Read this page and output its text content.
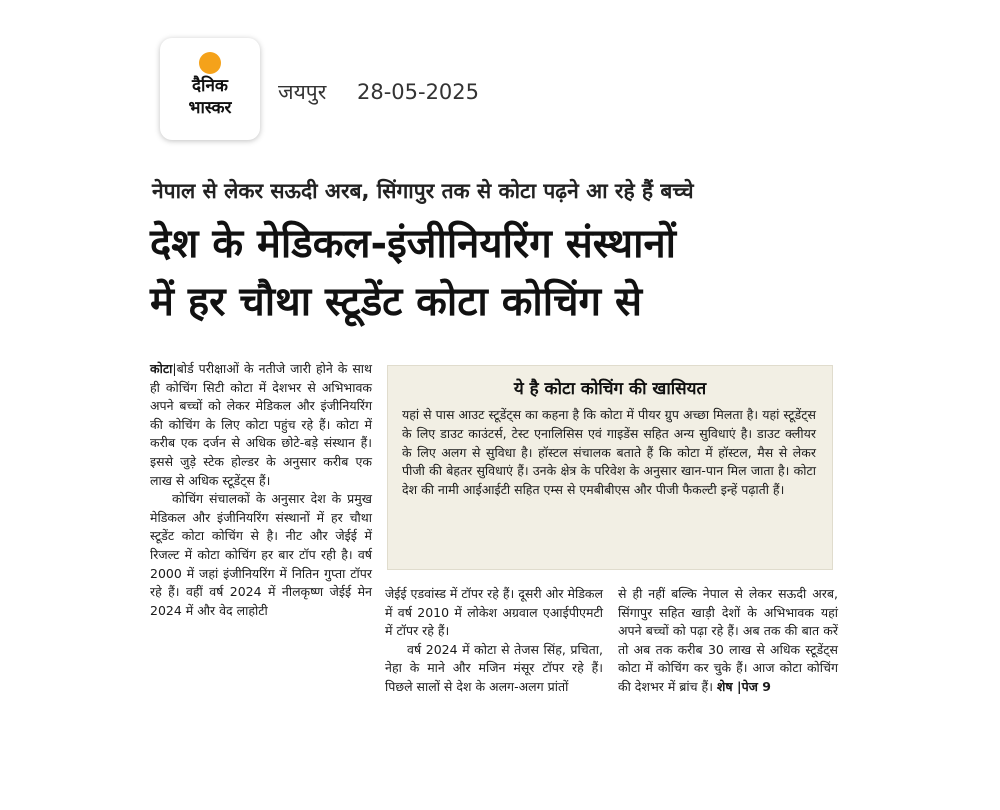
दैनिक
भास्कर
जयपुर 28-05-2025
नेपाल से लेकर सऊदी अरब, सिंगापुर तक से कोटा पढ़ने आ रहे हैं बच्चे
देश के मेडिकल-इंजीनियरिंग संस्थानों
में हर चौथा स्टूडेंट कोटा कोचिंग से

कोटा|बोर्ड परीक्षाओं के नतीजे जारी होने के साथ ही कोचिंग सिटी कोटा में देशभर से अभिभावक अपने बच्चों को लेकर मेडिकल और इंजीनियरिंग की कोचिंग के लिए कोटा पहुंच रहे हैं। कोटा में करीब एक दर्जन से अधिक छोटे-बड़े संस्थान हैं। इससे जुड़े स्टेक होल्डर के अनुसार करीब एक लाख से अधिक स्टूडेंट्स हैं।

कोचिंग संचालकों के अनुसार देश के प्रमुख मेडिकल और इंजीनियरिंग संस्थानों में हर चौथा स्टूडेंट कोटा कोचिंग से है। नीट और जेईई में रिजल्ट में कोटा कोचिंग हर बार टॉप रही है। वर्ष 2000 में जहां इंजीनियरिंग में नितिन गुप्ता टॉपर रहे हैं। वहीं वर्ष 2024 में नीलकृष्ण जेईई मेन 2024 में और वेद लाहोटी

ये है कोटा कोचिंग की खासियत
यहां से पास आउट स्टूडेंट्स का कहना है कि कोटा में पीयर ग्रुप अच्छा मिलता है। यहां स्टूडेंट्स के लिए डाउट काउंटर्स, टेस्ट एनालिसिस एवं गाइडेंस सहित अन्य सुविधाएं है। डाउट क्लीयर के लिए अलग से सुविधा है। हॉस्टल संचालक बताते हैं कि कोटा में हॉस्टल, मैस से लेकर पीजी की बेहतर सुविधाएं हैं। उनके क्षेत्र के परिवेश के अनुसार खान-पान मिल जाता है। कोटा देश की नामी आईआईटी सहित एम्स से एमबीबीएस और पीजी फैकल्टी इन्हें पढ़ाती हैं।

जेईई एडवांस्ड में टॉपर रहे हैं। दूसरी ओर मेडिकल में वर्ष 2010 में लोकेश अग्रवाल एआईपीएमटी में टॉपर रहे हैं।

वर्ष 2024 में कोटा से तेजस सिंह, प्रचिता, नेहा के माने और मजिन मंसूर टॉपर रहे हैं। पिछले सालों से देश के अलग-अलग प्रांतों

से ही नहीं बल्कि नेपाल से लेकर सऊदी अरब, सिंगापुर सहित खाड़ी देशों के अभिभावक यहां अपने बच्चों को पढ़ा रहे हैं। अब तक की बात करें तो अब तक करीब 30 लाख से अधिक स्टूडेंट्स कोटा में कोचिंग कर चुके हैं। आज कोटा कोचिंग की देशभर में ब्रांच हैं। शेष |पेज 9
